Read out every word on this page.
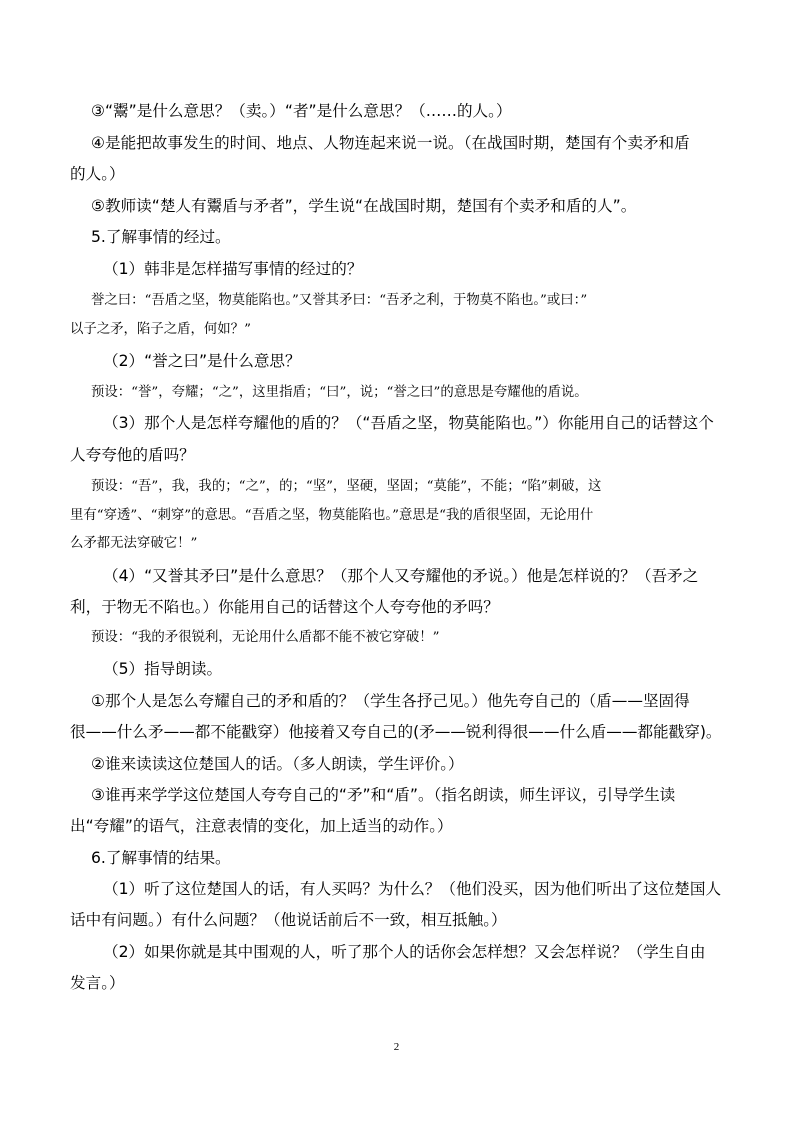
③“鬻”是什么意思？（卖。）“者”是什么意思？（……的人。）
④是能把故事发生的时间、地点、人物连起来说一说。（在战国时期，楚国有个卖矛和盾
的人。）
⑤教师读“楚人有鬻盾与矛者”，学生说“在战国时期，楚国有个卖矛和盾的人”。
5.了解事情的经过。
（1）韩非是怎样描写事情的经过的？
誉之曰：“吾盾之坚，物莫能陷也。”又誉其矛曰：“吾矛之利，于物莫不陷也。”或曰：”
以子之矛，陷子之盾，何如？”
（2）“誉之曰”是什么意思？
预设：“誉”，夸耀；“之”，这里指盾；“曰”，说；“誉之曰”的意思是夸耀他的盾说。
（3）那个人是怎样夸耀他的盾的？（“吾盾之坚，物莫能陷也。”）你能用自己的话替这个
人夸夸他的盾吗？
预设：“吾”，我，我的；“之”，的；“坚”，坚硬，坚固；“莫能”，不能；“陷”刺破，这
里有“穿透”、“刺穿”的意思。“吾盾之坚，物莫能陷也。”意思是“我的盾很坚固，无论用什
么矛都无法穿破它！”
（4）“又誉其矛曰”是什么意思？（那个人又夸耀他的矛说。）他是怎样说的？（吾矛之
利，于物无不陷也。）你能用自己的话替这个人夸夸他的矛吗？
预设：“我的矛很锐利，无论用什么盾都不能不被它穿破！”
（5）指导朗读。
①那个人是怎么夸耀自己的矛和盾的？（学生各抒己见。）他先夸自己的（盾——坚固得
很——什么矛——都不能戳穿）他接着又夸自己的(矛——锐利得很——什么盾——都能戳穿)。
②谁来读读这位楚国人的话。（多人朗读，学生评价。）
③谁再来学学这位楚国人夸夸自己的“矛”和“盾”。（指名朗读，师生评议，引导学生读
出“夸耀”的语气，注意表情的变化，加上适当的动作。）
6.了解事情的结果。
（1）听了这位楚国人的话，有人买吗？为什么？（他们没买，因为他们听出了这位楚国人
话中有问题。）有什么问题？（他说话前后不一致，相互抵触。）
（2）如果你就是其中围观的人，听了那个人的话你会怎样想？又会怎样说？（学生自由
发言。）
2
